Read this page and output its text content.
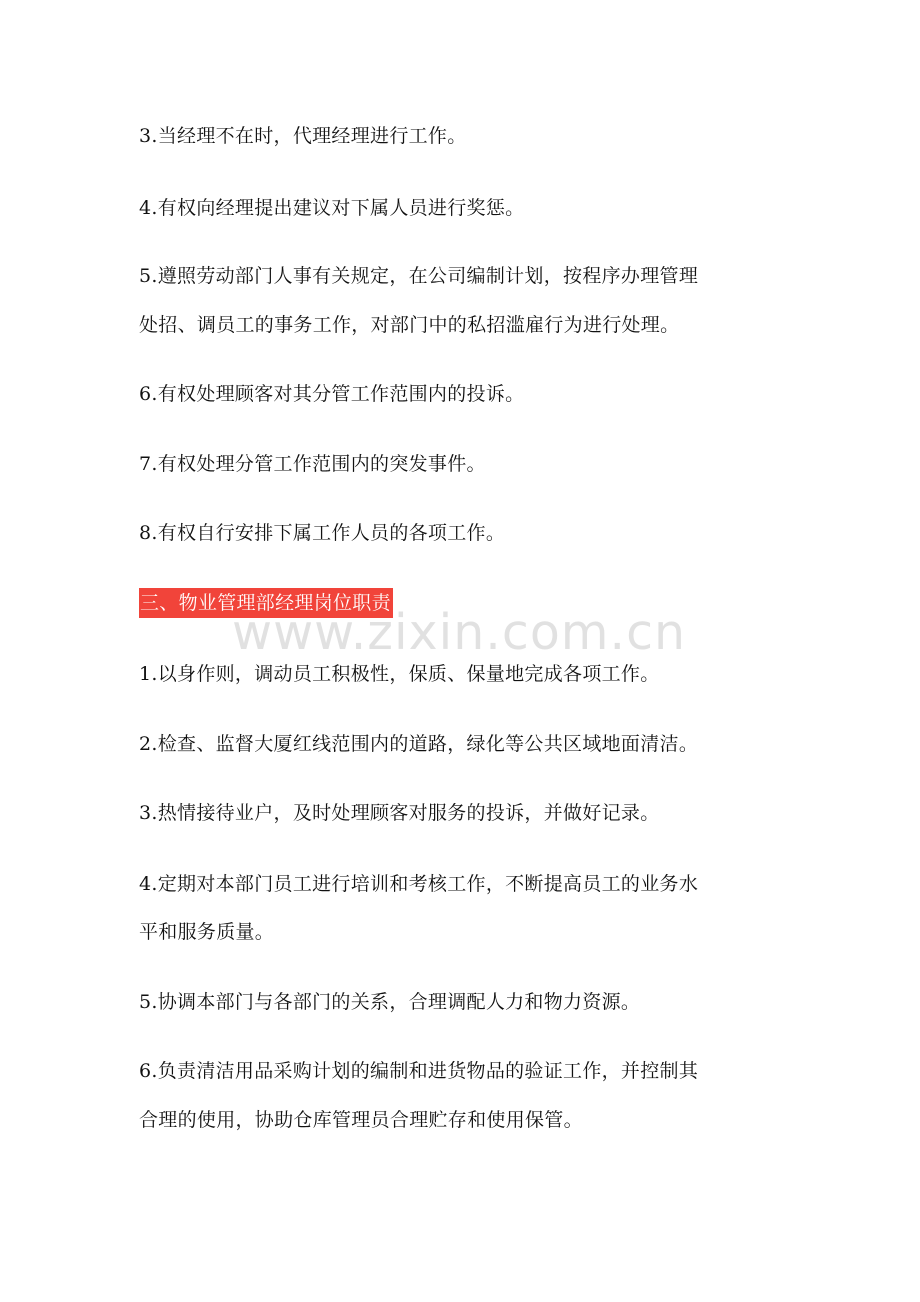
3.当经理不在时，代理经理进行工作。
4.有权向经理提出建议对下属人员进行奖惩。
5.遵照劳动部门人事有关规定，在公司编制计划，按程序办理管理
处招、调员工的事务工作，对部门中的私招滥雇行为进行处理。
6.有权处理顾客对其分管工作范围内的投诉。
7.有权处理分管工作范围内的突发事件。
8.有权自行安排下属工作人员的各项工作。
三、物业管理部经理岗位职责
www.zixin.com.cn
1.以身作则，调动员工积极性，保质、保量地完成各项工作。
2.检查、监督大厦红线范围内的道路，绿化等公共区域地面清洁。
3.热情接待业户，及时处理顾客对服务的投诉，并做好记录。
4.定期对本部门员工进行培训和考核工作，不断提高员工的业务水
平和服务质量。
5.协调本部门与各部门的关系，合理调配人力和物力资源。
6.负责清洁用品采购计划的编制和进货物品的验证工作，并控制其
合理的使用，协助仓库管理员合理贮存和使用保管。
